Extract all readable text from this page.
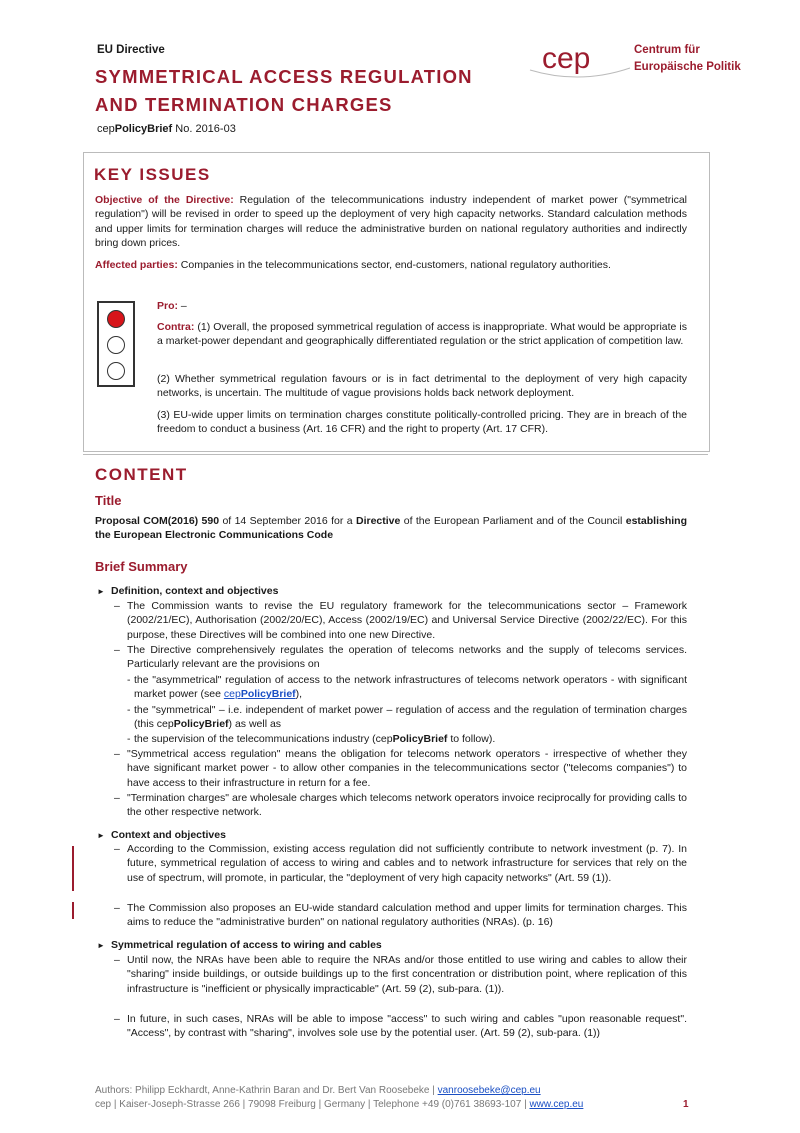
EU Directive
SYMMETRICAL ACCESS REGULATION
AND TERMINATION CHARGES
cepPolicyBrief No. 2016-03
cep	Centrum für
Europäische Politik
KEY ISSUES
Objective of the Directive: Regulation of the telecommunications industry independent of market power ("symmetrical regulation") will be revised in order to speed up the deployment of very high capacity networks. Standard calculation methods and upper limits for termination charges will reduce the administrative burden on national regulatory authorities and indirectly bring down prices.
Affected parties: Companies in the telecommunications sector, end-customers, national regulatory authorities.
Pro: –
Contra: (1) Overall, the proposed symmetrical regulation of access is inappropriate. What would be appropriate is a market-power dependant and geographically differentiated regulation or the strict application of competition law.
(2) Whether symmetrical regulation favours or is in fact detrimental to the deployment of very high capacity networks, is uncertain. The multitude of vague provisions holds back network deployment.
(3) EU-wide upper limits on termination charges constitute politically-controlled pricing. They are in breach of the freedom to conduct a business (Art. 16 CFR) and the right to property (Art. 17 CFR).
CONTENT
Title
Proposal COM(2016) 590 of 14 September 2016 for a Directive of the European Parliament and of the Council establishing the European Electronic Communications Code
Brief Summary
► Definition, context and objectives
– The Commission wants to revise the EU regulatory framework for the telecommunications sector – Framework (2002/21/EC), Authorisation (2002/20/EC), Access (2002/19/EC) and Universal Service Directive (2002/22/EC). For this purpose, these Directives will be combined into one new Directive.
– The Directive comprehensively regulates the operation of telecoms networks and the supply of telecoms services. Particularly relevant are the provisions on
- the "asymmetrical" regulation of access to the network infrastructures of telecoms network operators - with significant market power (see cepPolicyBrief),
- the "symmetrical" – i.e. independent of market power – regulation of access and the regulation of termination charges (this cepPolicyBrief) as well as
- the supervision of the telecommunications industry (cepPolicyBrief to follow).
– "Symmetrical access regulation" means the obligation for telecoms network operators - irrespective of whether they have significant market power - to allow other companies in the telecommunications sector ("telecoms companies") to have access to their infrastructure in return for a fee.
– "Termination charges" are wholesale charges which telecoms network operators invoice reciprocally for providing calls to the other respective network.
► Context and objectives
– According to the Commission, existing access regulation did not sufficiently contribute to network investment (p. 7). In future, symmetrical regulation of access to wiring and cables and to network infrastructure for services that rely on the use of spectrum, will promote, in particular, the "deployment of very high capacity networks" (Art. 59 (1)).
– The Commission also proposes an EU-wide standard calculation method and upper limits for termination charges. This aims to reduce the "administrative burden" on national regulatory authorities (NRAs). (p. 16)
► Symmetrical regulation of access to wiring and cables
– Until now, the NRAs have been able to require the NRAs and/or those entitled to use wiring and cables to allow their "sharing" inside buildings, or outside buildings up to the first concentration or distribution point, where replication of this infrastructure is "inefficient or physically impracticable" (Art. 59 (2), sub-para. (1)).
– In future, in such cases, NRAs will be able to impose "access" to such wiring and cables "upon reasonable request". "Access", by contrast with "sharing", involves sole use by the potential user. (Art. 59 (2), sub-para. (1))
Authors: Philipp Eckhardt, Anne-Kathrin Baran and Dr. Bert Van Roosebeke | vanroosebeke@cep.eu
cep | Kaiser-Joseph-Strasse 266 | 79098 Freiburg | Germany | Telephone +49 (0)761 38693-107 | www.cep.eu	1
